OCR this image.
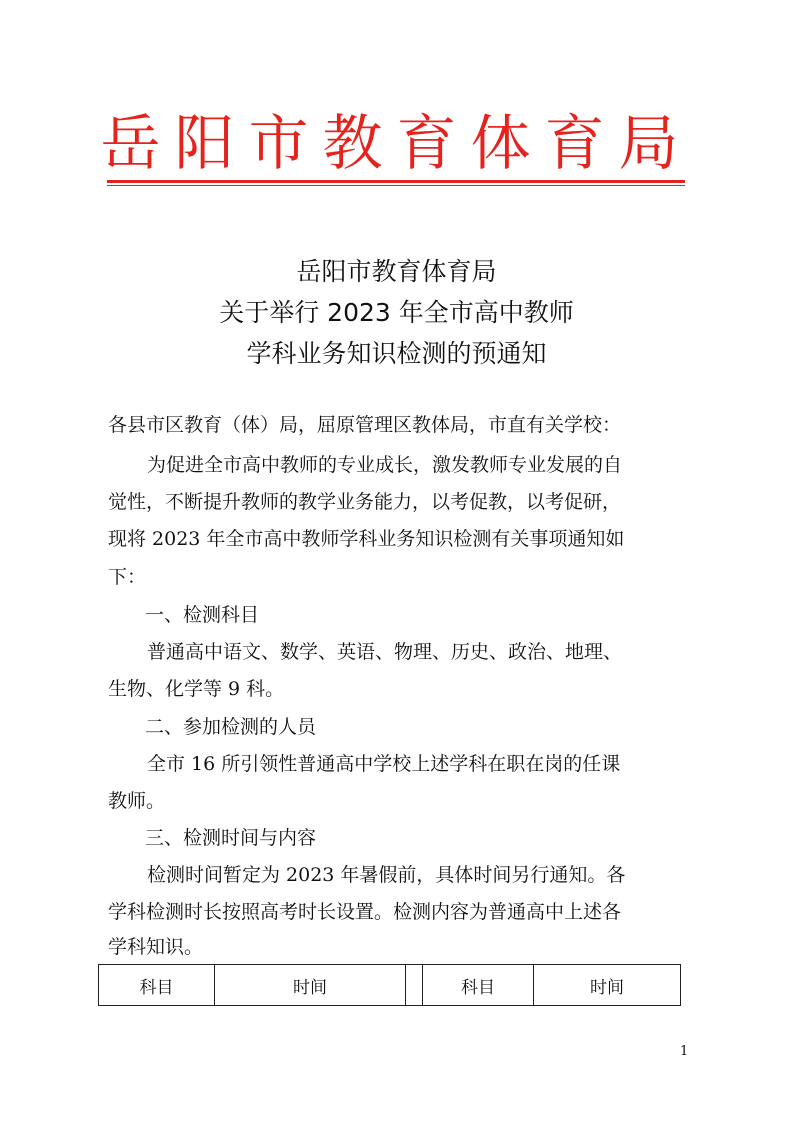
岳阳市教育体育局
岳阳市教育体育局
关于举行 2023 年全市高中教师
学科业务知识检测的预通知
各县市区教育（体）局，屈原管理区教体局，市直有关学校：
为促进全市高中教师的专业成长，激发教师专业发展的自
觉性，不断提升教师的教学业务能力，以考促教，以考促研，
现将 2023 年全市高中教师学科业务知识检测有关事项通知如
下：
一、检测科目
普通高中语文、数学、英语、物理、历史、政治、地理、
生物、化学等 9 科。
二、参加检测的人员
全市 16 所引领性普通高中学校上述学科在职在岗的任课
教师。
三、检测时间与内容
检测时间暂定为 2023 年暑假前，具体时间另行通知。各
学科检测时长按照高考时长设置。检测内容为普通高中上述各
学科知识。
科目	时间		科目	时间
1
